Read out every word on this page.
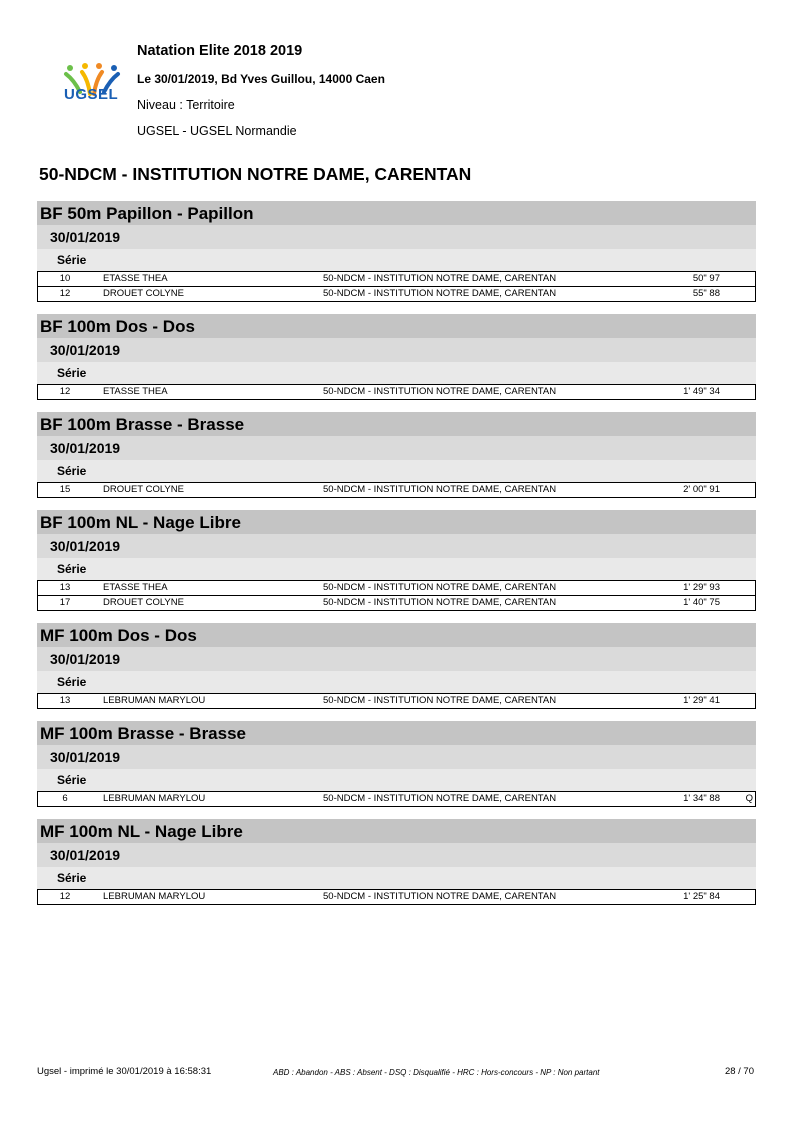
UGSEL
Natation Elite 2018 2019
Le 30/01/2019, Bd Yves Guillou, 14000 Caen
Niveau : Territoire
UGSEL - UGSEL Normandie
50-NDCM - INSTITUTION NOTRE DAME, CARENTAN
BF 50m Papillon - Papillon
30/01/2019
Série
10	ETASSE THEA	50-NDCM - INSTITUTION NOTRE DAME, CARENTAN	50" 97
12	DROUET COLYNE	50-NDCM - INSTITUTION NOTRE DAME, CARENTAN	55" 88
BF 100m Dos - Dos
30/01/2019
Série
12	ETASSE THEA	50-NDCM - INSTITUTION NOTRE DAME, CARENTAN	1' 49" 34
BF 100m Brasse - Brasse
30/01/2019
Série
15	DROUET COLYNE	50-NDCM - INSTITUTION NOTRE DAME, CARENTAN	2' 00" 91
BF 100m NL - Nage Libre
30/01/2019
Série
13	ETASSE THEA	50-NDCM - INSTITUTION NOTRE DAME, CARENTAN	1' 29" 93
17	DROUET COLYNE	50-NDCM - INSTITUTION NOTRE DAME, CARENTAN	1' 40" 75
MF 100m Dos - Dos
30/01/2019
Série
13	LEBRUMAN MARYLOU	50-NDCM - INSTITUTION NOTRE DAME, CARENTAN	1' 29" 41
MF 100m Brasse - Brasse
30/01/2019
Série
6	LEBRUMAN MARYLOU	50-NDCM - INSTITUTION NOTRE DAME, CARENTAN	1' 34" 88	Q
MF 100m NL - Nage Libre
30/01/2019
Série
12	LEBRUMAN MARYLOU	50-NDCM - INSTITUTION NOTRE DAME, CARENTAN	1' 25" 84
Ugsel - imprimé le 30/01/2019 à 16:58:31	ABD : Abandon - ABS : Absent - DSQ : Disqualifié - HRC : Hors-concours - NP : Non partant	28 / 70
